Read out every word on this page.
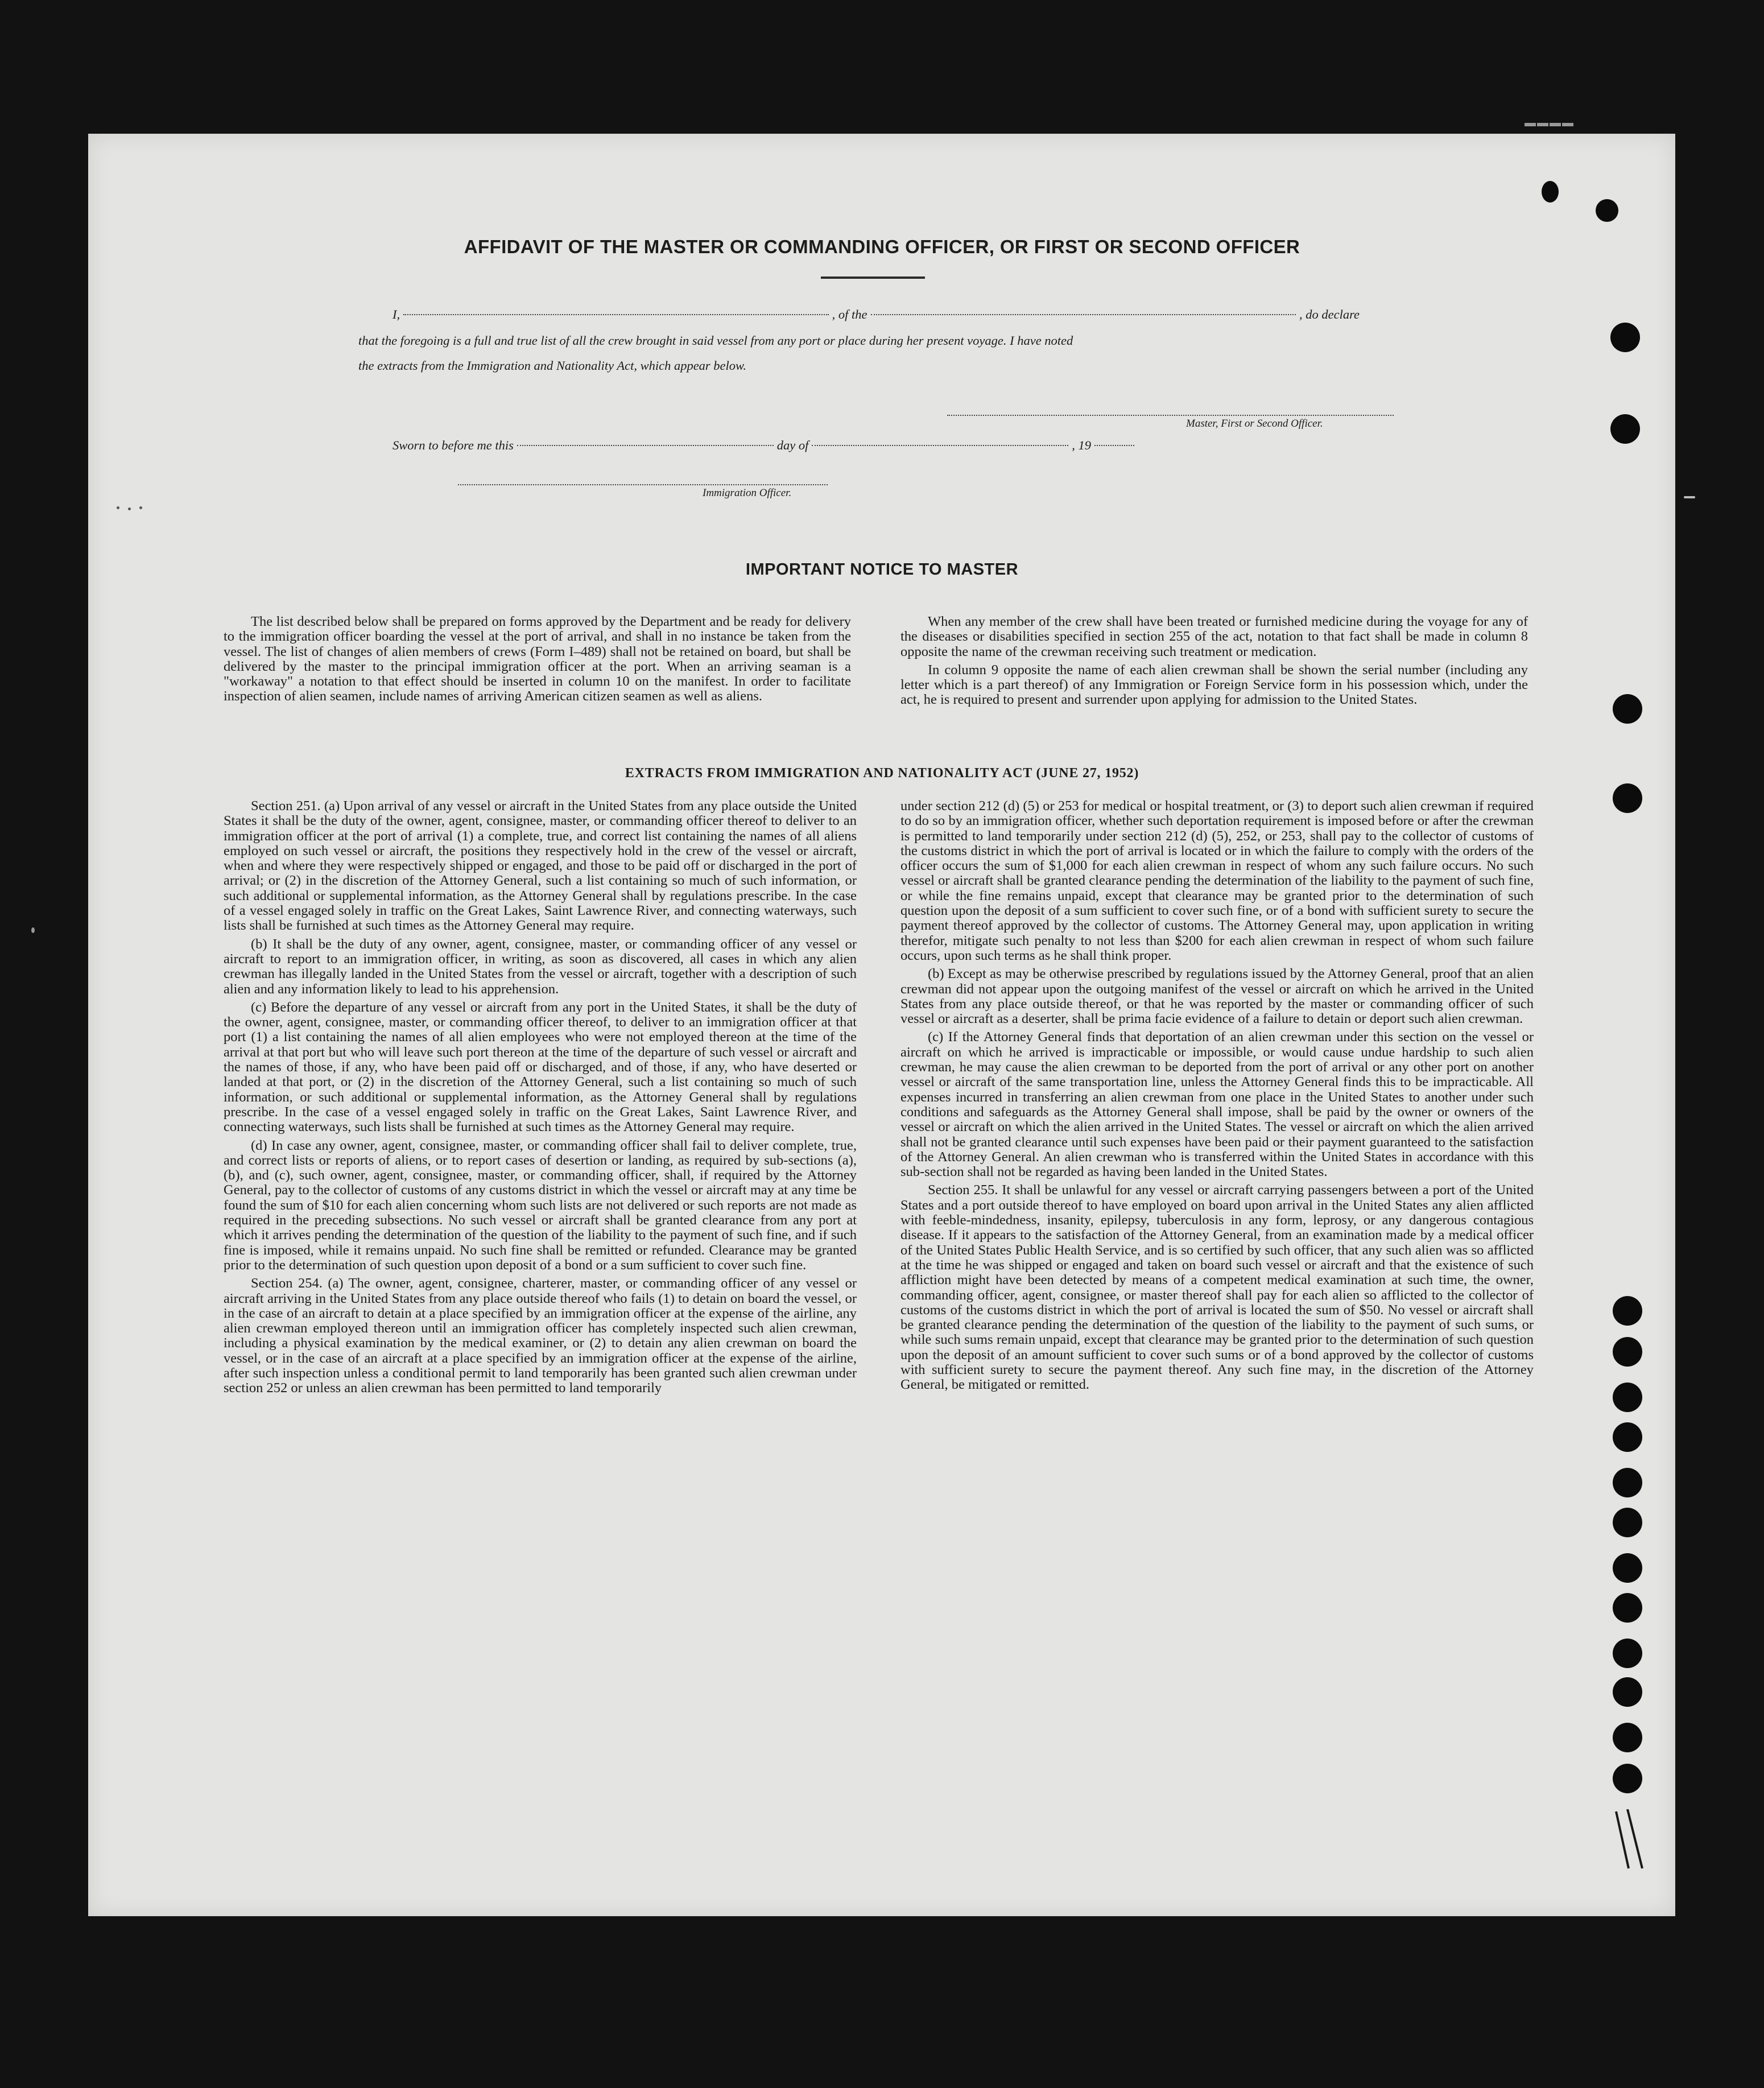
▬▬▬▬
AFFIDAVIT OF THE MASTER OR COMMANDING OFFICER, OR FIRST OR SECOND OFFICER
I,	, of the	, do declare
that the foregoing is a full and true list of all the crew brought in said vessel from any port or place during her present voyage. I have noted
the extracts from the Immigration and Nationality Act, which appear below.
Master, First or Second Officer.
Sworn to before me this	day of	, 19
Immigration Officer.
IMPORTANT NOTICE TO MASTER

The list described below shall be prepared on forms approved by the Department and be ready for delivery to the immigration officer boarding the vessel at the port of arrival, and shall in no instance be taken from the vessel. The list of changes of alien members of crews (Form I–489) shall not be retained on board, but shall be delivered by the master to the principal immigration officer at the port. When an arriving seaman is a "workaway" a notation to that effect should be inserted in column 10 on the manifest. In order to facilitate inspection of alien seamen, include names of arriving American citizen seamen as well as aliens.

When any member of the crew shall have been treated or furnished medicine during the voyage for any of the diseases or disabilities specified in section 255 of the act, notation to that fact shall be made in column 8 opposite the name of the crewman receiving such treatment or medication.

In column 9 opposite the name of each alien crewman shall be shown the serial number (including any letter which is a part thereof) of any Immigration or Foreign Service form in his possession which, under the act, he is required to present and surrender upon applying for admission to the United States.

EXTRACTS FROM IMMIGRATION AND NATIONALITY ACT (JUNE 27, 1952)

Section 251. (a) Upon arrival of any vessel or aircraft in the United States from any place outside the United States it shall be the duty of the owner, agent, consignee, master, or commanding officer thereof to deliver to an immigration officer at the port of arrival (1) a complete, true, and correct list containing the names of all aliens employed on such vessel or aircraft, the positions they respectively hold in the crew of the vessel or aircraft, when and where they were respectively shipped or engaged, and those to be paid off or discharged in the port of arrival; or (2) in the discretion of the Attorney General, such a list containing so much of such information, or such additional or supplemental information, as the Attorney General shall by regulations prescribe. In the case of a vessel engaged solely in traffic on the Great Lakes, Saint Lawrence River, and connecting waterways, such lists shall be furnished at such times as the Attorney General may require.

(b) It shall be the duty of any owner, agent, consignee, master, or commanding officer of any vessel or aircraft to report to an immigration officer, in writing, as soon as discovered, all cases in which any alien crewman has illegally landed in the United States from the vessel or aircraft, together with a description of such alien and any information likely to lead to his apprehension.

(c) Before the departure of any vessel or aircraft from any port in the United States, it shall be the duty of the owner, agent, consignee, master, or commanding officer thereof, to deliver to an immigration officer at that port (1) a list containing the names of all alien employees who were not employed thereon at the time of the arrival at that port but who will leave such port thereon at the time of the departure of such vessel or aircraft and the names of those, if any, who have been paid off or discharged, and of those, if any, who have deserted or landed at that port, or (2) in the discretion of the Attorney General, such a list containing so much of such information, or such additional or supplemental information, as the Attorney General shall by regulations prescribe. In the case of a vessel engaged solely in traffic on the Great Lakes, Saint Lawrence River, and connecting waterways, such lists shall be furnished at such times as the Attorney General may require.

(d) In case any owner, agent, consignee, master, or commanding officer shall fail to deliver complete, true, and correct lists or reports of aliens, or to report cases of desertion or landing, as required by sub-sections (a), (b), and (c), such owner, agent, consignee, master, or commanding officer, shall, if required by the Attorney General, pay to the collector of customs of any customs district in which the vessel or aircraft may at any time be found the sum of $10 for each alien concerning whom such lists are not delivered or such reports are not made as required in the preceding subsections. No such vessel or aircraft shall be granted clearance from any port at which it arrives pending the determination of the question of the liability to the payment of such fine, and if such fine is imposed, while it remains unpaid. No such fine shall be remitted or refunded. Clearance may be granted prior to the determination of such question upon deposit of a bond or a sum sufficient to cover such fine.

Section 254. (a) The owner, agent, consignee, charterer, master, or commanding officer of any vessel or aircraft arriving in the United States from any place outside thereof who fails (1) to detain on board the vessel, or in the case of an aircraft to detain at a place specified by an immigration officer at the expense of the airline, any alien crewman employed thereon until an immigration officer has completely inspected such alien crewman, including a physical examination by the medical examiner, or (2) to detain any alien crewman on board the vessel, or in the case of an aircraft at a place specified by an immigration officer at the expense of the airline, after such inspection unless a conditional permit to land temporarily has been granted such alien crewman under section 252 or unless an alien crewman has been permitted to land temporarily

under section 212 (d) (5) or 253 for medical or hospital treatment, or (3) to deport such alien crewman if required to do so by an immigration officer, whether such deportation requirement is imposed before or after the crewman is permitted to land temporarily under section 212 (d) (5), 252, or 253, shall pay to the collector of customs of the customs district in which the port of arrival is located or in which the failure to comply with the orders of the officer occurs the sum of $1,000 for each alien crewman in respect of whom any such failure occurs. No such vessel or aircraft shall be granted clearance pending the determination of the liability to the payment of such fine, or while the fine remains unpaid, except that clearance may be granted prior to the determination of such question upon the deposit of a sum sufficient to cover such fine, or of a bond with sufficient surety to secure the payment thereof approved by the collector of customs. The Attorney General may, upon application in writing therefor, mitigate such penalty to not less than $200 for each alien crewman in respect of whom such failure occurs, upon such terms as he shall think proper.

(b) Except as may be otherwise prescribed by regulations issued by the Attorney General, proof that an alien crewman did not appear upon the outgoing manifest of the vessel or aircraft on which he arrived in the United States from any place outside thereof, or that he was reported by the master or commanding officer of such vessel or aircraft as a deserter, shall be prima facie evidence of a failure to detain or deport such alien crewman.

(c) If the Attorney General finds that deportation of an alien crewman under this section on the vessel or aircraft on which he arrived is impracticable or impossible, or would cause undue hardship to such alien crewman, he may cause the alien crewman to be deported from the port of arrival or any other port on another vessel or aircraft of the same transportation line, unless the Attorney General finds this to be impracticable. All expenses incurred in transferring an alien crewman from one place in the United States to another under such conditions and safeguards as the Attorney General shall impose, shall be paid by the owner or owners of the vessel or aircraft on which the alien arrived in the United States. The vessel or aircraft on which the alien arrived shall not be granted clearance until such expenses have been paid or their payment guaranteed to the satisfaction of the Attorney General. An alien crewman who is transferred within the United States in accordance with this sub-section shall not be regarded as having been landed in the United States.

Section 255. It shall be unlawful for any vessel or aircraft carrying passengers between a port of the United States and a port outside thereof to have employed on board upon arrival in the United States any alien afflicted with feeble-mindedness, insanity, epilepsy, tuberculosis in any form, leprosy, or any dangerous contagious disease. If it appears to the satisfaction of the Attorney General, from an examination made by a medical officer of the United States Public Health Service, and is so certified by such officer, that any such alien was so afflicted at the time he was shipped or engaged and taken on board such vessel or aircraft and that the existence of such affliction might have been detected by means of a competent medical examination at such time, the owner, commanding officer, agent, consignee, or master thereof shall pay for each alien so afflicted to the collector of customs of the customs district in which the port of arrival is located the sum of $50. No vessel or aircraft shall be granted clearance pending the determination of the question of the liability to the payment of such sums, or while such sums remain unpaid, except that clearance may be granted prior to the determination of such question upon the deposit of an amount sufficient to cover such sums or of a bond approved by the collector of customs with sufficient surety to secure the payment thereof. Any such fine may, in the discretion of the Attorney General, be mitigated or remitted.
